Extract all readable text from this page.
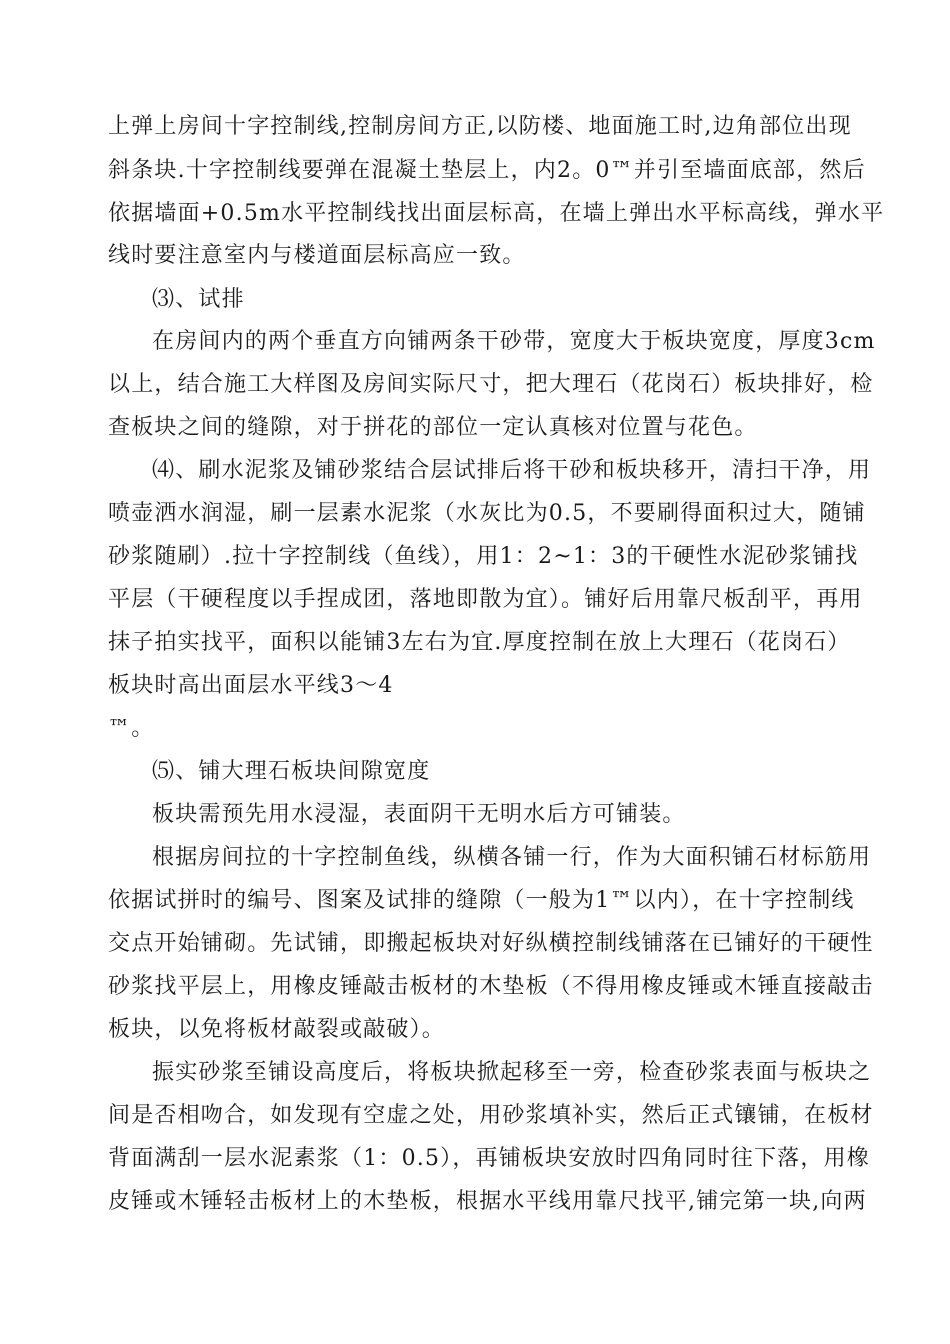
上弹上房间十字控制线,控制房间方正,以防楼、地面施工时,边角部位出现
斜条块.十字控制线要弹在混凝土垫层上，内2。0™并引至墙面底部，然后
依据墙面+0.5m水平控制线找出面层标高，在墙上弹出水平标高线，弹水平
线时要注意室内与楼道面层标高应一致。
⑶、试排
在房间内的两个垂直方向铺两条干砂带，宽度大于板块宽度，厚度3cm
以上，结合施工大样图及房间实际尺寸，把大理石（花岗石）板块排好，检
查板块之间的缝隙，对于拼花的部位一定认真核对位置与花色。
⑷、刷水泥浆及铺砂浆结合层试排后将干砂和板块移开，清扫干净，用
喷壶洒水润湿，刷一层素水泥浆（水灰比为0.5，不要刷得面积过大，随铺
砂浆随刷）.拉十字控制线（鱼线），用1：2~1：3的干硬性水泥砂浆铺找
平层（干硬程度以手捏成团，落地即散为宜）。铺好后用靠尺板刮平，再用
抹子拍实找平，面积以能铺3左右为宜.厚度控制在放上大理石（花岗石）
板块时高出面层水平线3〜4
™。
⑸、铺大理石板块间隙宽度
板块需预先用水浸湿，表面阴干无明水后方可铺装。
根据房间拉的十字控制鱼线，纵横各铺一行，作为大面积铺石材标筋用
依据试拼时的编号、图案及试排的缝隙（一般为1™以内），在十字控制线
交点开始铺砌。先试铺，即搬起板块对好纵横控制线铺落在已铺好的干硬性
砂浆找平层上，用橡皮锤敲击板材的木垫板（不得用橡皮锤或木锤直接敲击
板块，以免将板材敲裂或敲破）。
振实砂浆至铺设高度后，将板块掀起移至一旁，检查砂浆表面与板块之
间是否相吻合，如发现有空虚之处，用砂浆填补实，然后正式镶铺，在板材
背面满刮一层水泥素浆（1：0.5），再铺板块安放时四角同时往下落，用橡
皮锤或木锤轻击板材上的木垫板，根据水平线用靠尺找平,铺完第一块,向两
